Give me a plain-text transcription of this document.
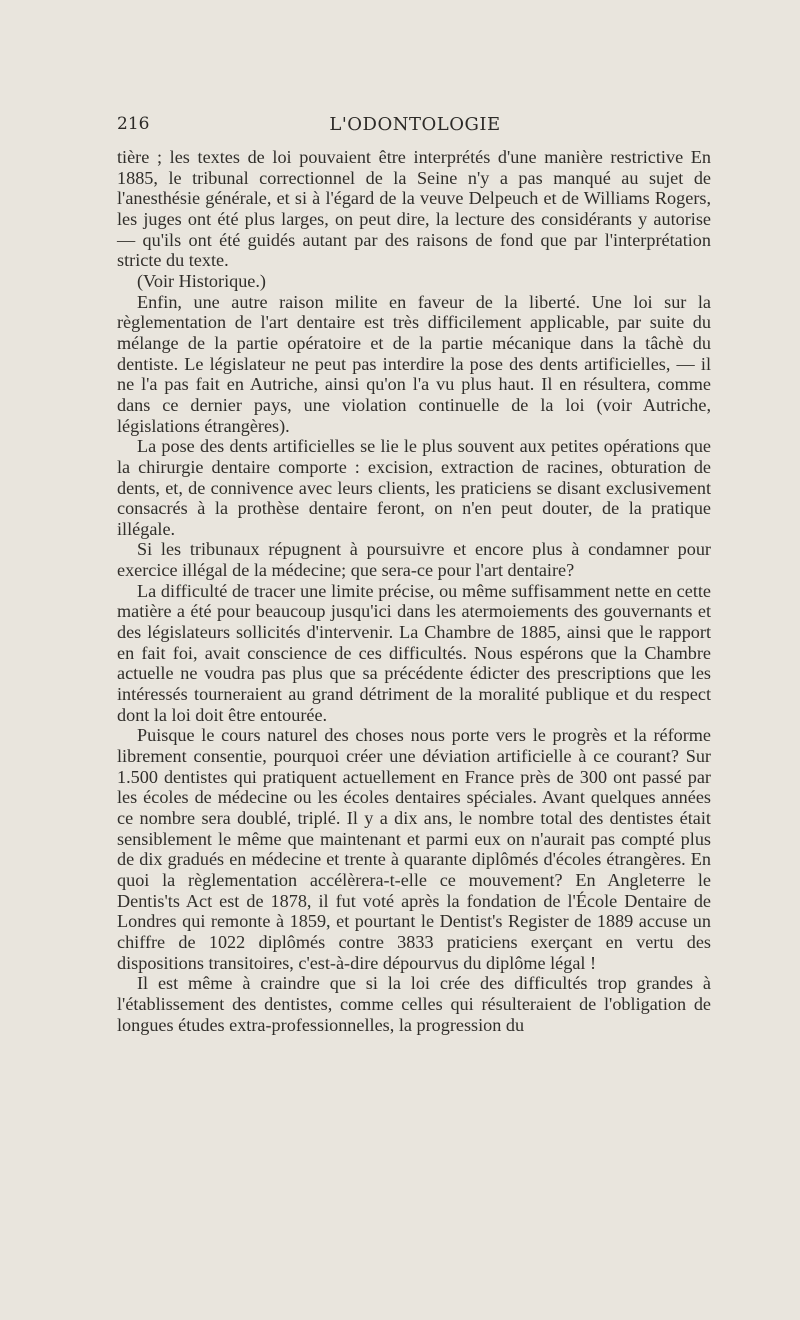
216	L'ODONTOLOGIE

tière ; les textes de loi pouvaient être interprétés d'une manière restrictive En 1885, le tribunal correctionnel de la Seine n'y a pas manqué au sujet de l'anesthésie générale, et si à l'égard de la veuve Delpeuch et de Williams Rogers, les juges ont été plus larges, on peut dire, la lecture des considérants y autorise — qu'ils ont été guidés autant par des raisons de fond que par l'interprétation stricte du texte.

(Voir Historique.)

Enfin, une autre raison milite en faveur de la liberté. Une loi sur la règlementation de l'art dentaire est très difficilement applicable, par suite du mélange de la partie opératoire et de la partie mécanique dans la tâchè du dentiste. Le législateur ne peut pas interdire la pose des dents artificielles, — il ne l'a pas fait en Autriche, ainsi qu'on l'a vu plus haut. Il en résultera, comme dans ce dernier pays, une violation continuelle de la loi (voir Autriche, législations étrangères).

La pose des dents artificielles se lie le plus souvent aux petites opérations que la chirurgie dentaire comporte : excision, extraction de racines, obturation de dents, et, de connivence avec leurs clients, les praticiens se disant exclusivement consacrés à la prothèse dentaire feront, on n'en peut douter, de la pratique illégale.

Si les tribunaux répugnent à poursuivre et encore plus à condamner pour exercice illégal de la médecine; que sera-ce pour l'art dentaire?

La difficulté de tracer une limite précise, ou même suffisamment nette en cette matière a été pour beaucoup jusqu'ici dans les atermoiements des gouvernants et des législateurs sollicités d'intervenir. La Chambre de 1885, ainsi que le rapport en fait foi, avait conscience de ces difficultés. Nous espérons que la Chambre actuelle ne voudra pas plus que sa précédente édicter des prescriptions que les intéressés tourneraient au grand détriment de la moralité publique et du respect dont la loi doit être entourée.

Puisque le cours naturel des choses nous porte vers le progrès et la réforme librement consentie, pourquoi créer une déviation artificielle à ce courant? Sur 1.500 dentistes qui pratiquent actuellement en France près de 300 ont passé par les écoles de médecine ou les écoles dentaires spéciales. Avant quelques années ce nombre sera doublé, triplé. Il y a dix ans, le nombre total des dentistes était sensiblement le même que maintenant et parmi eux on n'aurait pas compté plus de dix gradués en médecine et trente à quarante diplômés d'écoles étrangères. En quoi la règlementation accélèrera-t-elle ce mouvement? En Angleterre le Dentis'ts Act est de 1878, il fut voté après la fondation de l'École Dentaire de Londres qui remonte à 1859, et pourtant le Dentist's Register de 1889 accuse un chiffre de 1022 diplômés contre 3833 praticiens exerçant en vertu des dispositions transitoires, c'est-à-dire dépourvus du diplôme légal !

Il est même à craindre que si la loi crée des difficultés trop grandes à l'établissement des dentistes, comme celles qui résulteraient de l'obligation de longues études extra-professionnelles, la progression du
